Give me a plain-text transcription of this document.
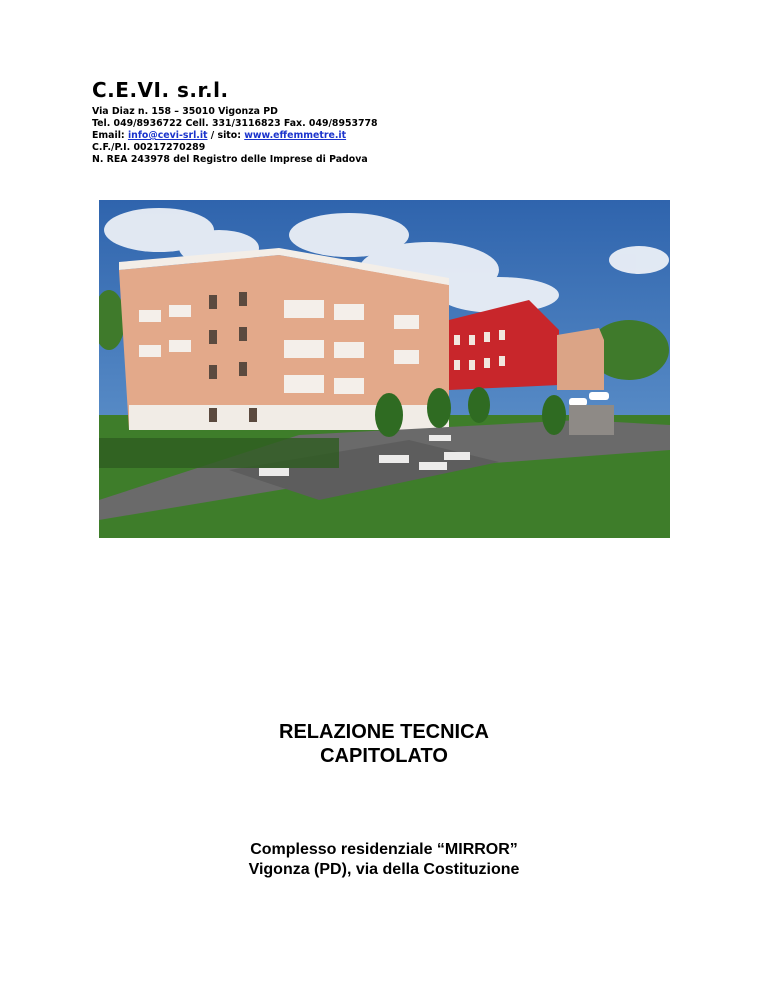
C.E.VI. s.r.l.
Via Diaz n. 158 – 35010 Vigonza PD
Tel. 049/8936722 Cell. 331/3116823 Fax. 049/8953778
Email: info@cevi-srl.it / sito: www.effemmetre.it
C.F./P.I. 00217270289
N. REA 243978 del Registro delle Imprese di Padova
RELAZIONE TECNICA
CAPITOLATO
Complesso residenziale “MIRROR”
Vigonza (PD), via della Costituzione
